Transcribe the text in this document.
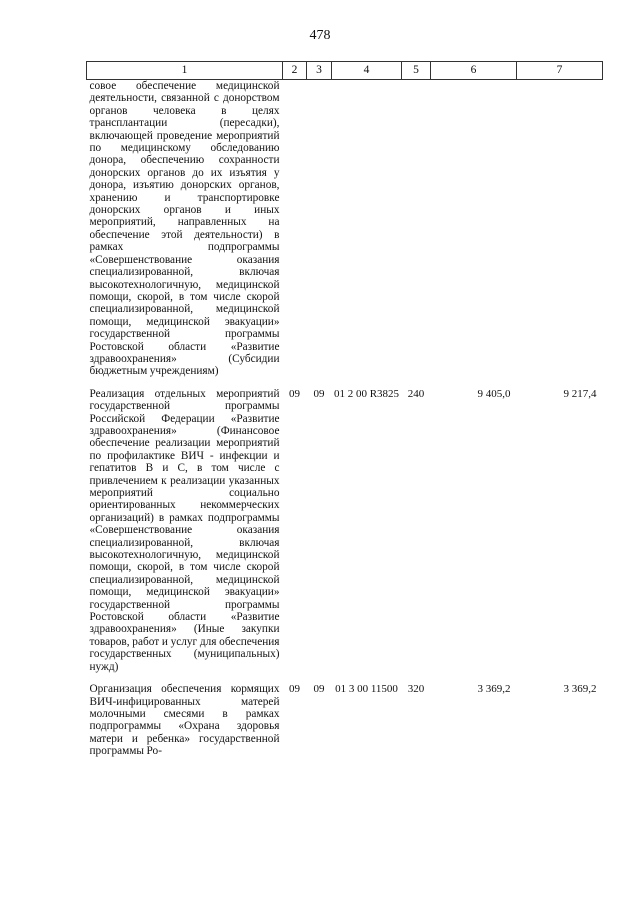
478
1	2	3	4	5	6	7
совое обеспечение медицинской деятельности, связанной с донорством органов человека в целях трансплантации (пересадки), включающей проведение мероприятий по медицинскому обследованию донора, обеспечению сохранности донорских органов до их изъятия у донора, изъятию донорских органов, хранению и транспортировке донорских органов и иных мероприятий, направленных на обеспечение этой деятельности) в рамках подпрограммы «Совершенствование оказания специализированной, включая высокотехнологичную, медицинской помощи, скорой, в том числе скорой специализированной, медицинской помощи, медицинской эвакуации» государственной программы Ростовской области «Развитие здравоохранения» (Субсидии бюджетным учреждениям)						
Реализация отдельных мероприятий государственной программы Российской Федерации «Развитие здравоохранения» (Финансовое обеспечение реализации мероприятий по профилактике ВИЧ - инфекции и гепатитов B и C, в том числе с привлечением к реализации указанных мероприятий социально ориентированных некоммерческих организаций) в рамках подпрограммы «Совершенствование оказания специализированной, включая высокотехнологичную, медицинской помощи, скорой, в том числе скорой специализированной, медицинской помощи, медицинской эвакуации» государственной программы Ростовской области «Развитие здравоохранения» (Иные закупки товаров, работ и услуг для обеспечения государственных (муниципальных) нужд)	09	09	01 2 00 R3825	240	9 405,0	9 217,4
Организация обеспечения кормящих ВИЧ-инфицированных матерей молочными смесями в рамках подпрограммы «Охрана здоровья матери и ребенка» государственной программы Ро-	09	09	01 3 00 11500	320	3 369,2	3 369,2
